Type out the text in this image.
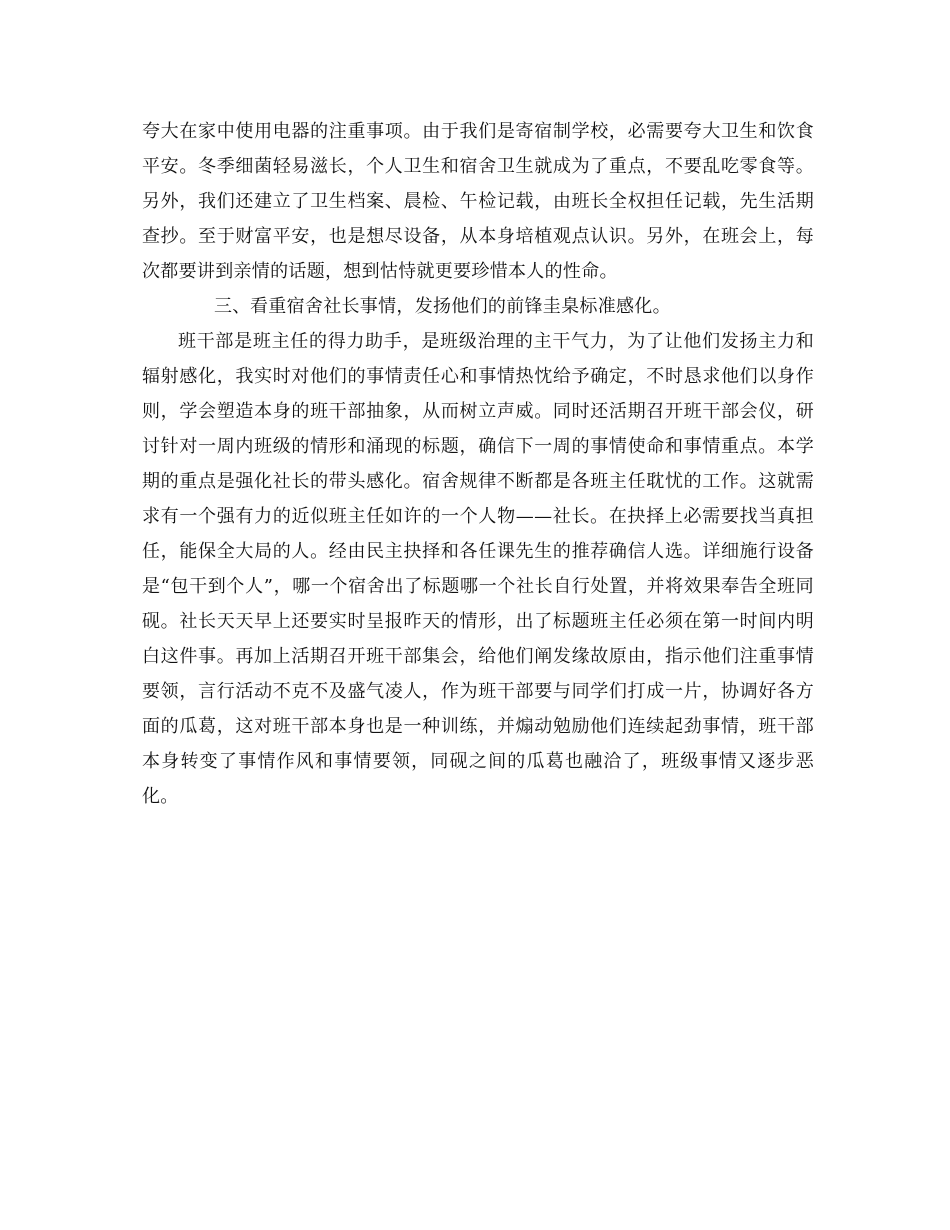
夸大在家中使用电器的注重事项。由于我们是寄宿制学校，必需要夸大卫生和饮食平安。冬季细菌轻易滋长，个人卫生和宿舍卫生就成为了重点，不要乱吃零食等。另外，我们还建立了卫生档案、晨检、午检记载，由班长全权担任记载，先生活期查抄。至于财富平安，也是想尽设备，从本身培植观点认识。另外，在班会上，每次都要讲到亲情的话题，想到怙恃就更要珍惜本人的性命。

三、看重宿舍社长事情，发扬他们的前锋圭臬标准感化。

班干部是班主任的得力助手，是班级治理的主干气力，为了让他们发扬主力和辐射感化，我实时对他们的事情责任心和事情热忱给予确定，不时恳求他们以身作则，学会塑造本身的班干部抽象，从而树立声威。同时还活期召开班干部会仪，研讨针对一周内班级的情形和涌现的标题，确信下一周的事情使命和事情重点。本学期的重点是强化社长的带头感化。宿舍规律不断都是各班主任耽忧的工作。这就需求有一个强有力的近似班主任如许的一个人物——社长。在抉择上必需要找当真担任，能保全大局的人。经由民主抉择和各任课先生的推荐确信人选。详细施行设备是“包干到个人”，哪一个宿舍出了标题哪一个社长自行处置，并将效果奉告全班同砚。社长天天早上还要实时呈报昨天的情形，出了标题班主任必须在第一时间内明白这件事。再加上活期召开班干部集会，给他们阐发缘故原由，指示他们注重事情要领，言行活动不克不及盛气凌人，作为班干部要与同学们打成一片，协调好各方面的瓜葛，这对班干部本身也是一种训练，并煽动勉励他们连续起劲事情，班干部本身转变了事情作风和事情要领，同砚之间的瓜葛也融洽了，班级事情又逐步恶化。
